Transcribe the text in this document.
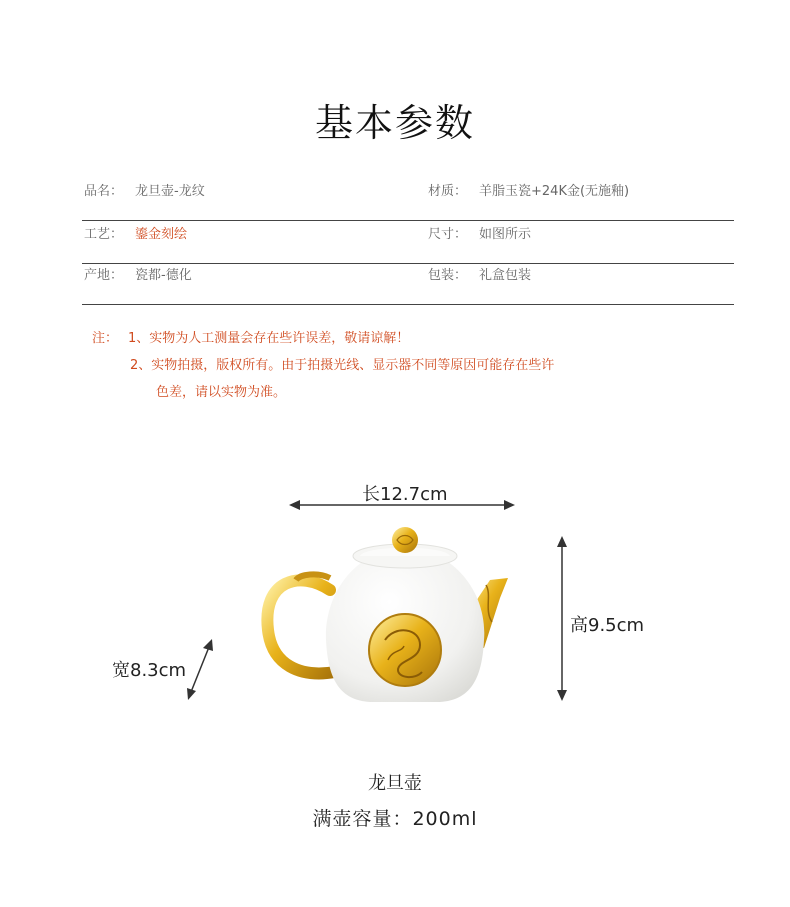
基本参数
品名： 龙旦壶-龙纹	材质： 羊脂玉瓷+24K金(无施釉)
工艺： 鎏金刻绘	尺寸： 如图所示
产地： 瓷都-德化	包装： 礼盒包装
注： 1、实物为人工测量会存在些许误差，敬请谅解！
2、实物拍摄，版权所有。由于拍摄光线、显示器不同等原因可能存在些许
色差，请以实物为准。
长12.7cm
高9.5cm
宽8.3cm
龙旦壶
满壶容量：200ml
